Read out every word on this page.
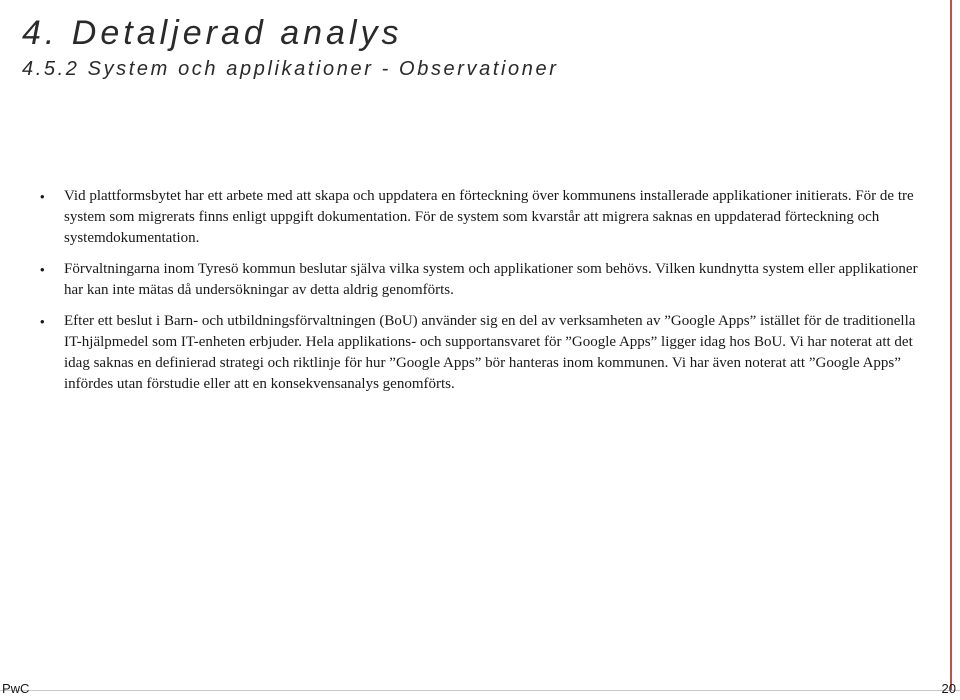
4. Detaljerad analys
4.5.2 System och applikationer - Observationer
• Vid plattformsbytet har ett arbete med att skapa och uppdatera en förteckning över kommunens installerade applikationer initierats. För de tre system som migrerats finns enligt uppgift dokumentation. För de system som kvarstår att migrera saknas en uppdaterad förteckning och systemdokumentation.
• Förvaltningarna inom Tyresö kommun beslutar själva vilka system och applikationer som behövs. Vilken kundnytta system eller applikationer har kan inte mätas då undersökningar av detta aldrig genomförts.
• Efter ett beslut i Barn- och utbildningsförvaltningen (BoU) använder sig en del av verksamheten av ”Google Apps” istället för de traditionella IT-hjälpmedel som IT-enheten erbjuder. Hela applikations- och supportansvaret för ”Google Apps” ligger idag hos BoU. Vi har noterat att det idag saknas en definierad strategi och riktlinje för hur ”Google Apps” bör hanteras inom kommunen. Vi har även noterat att ”Google Apps” infördes utan förstudie eller att en konsekvensanalys genomförts.
PwC	20
